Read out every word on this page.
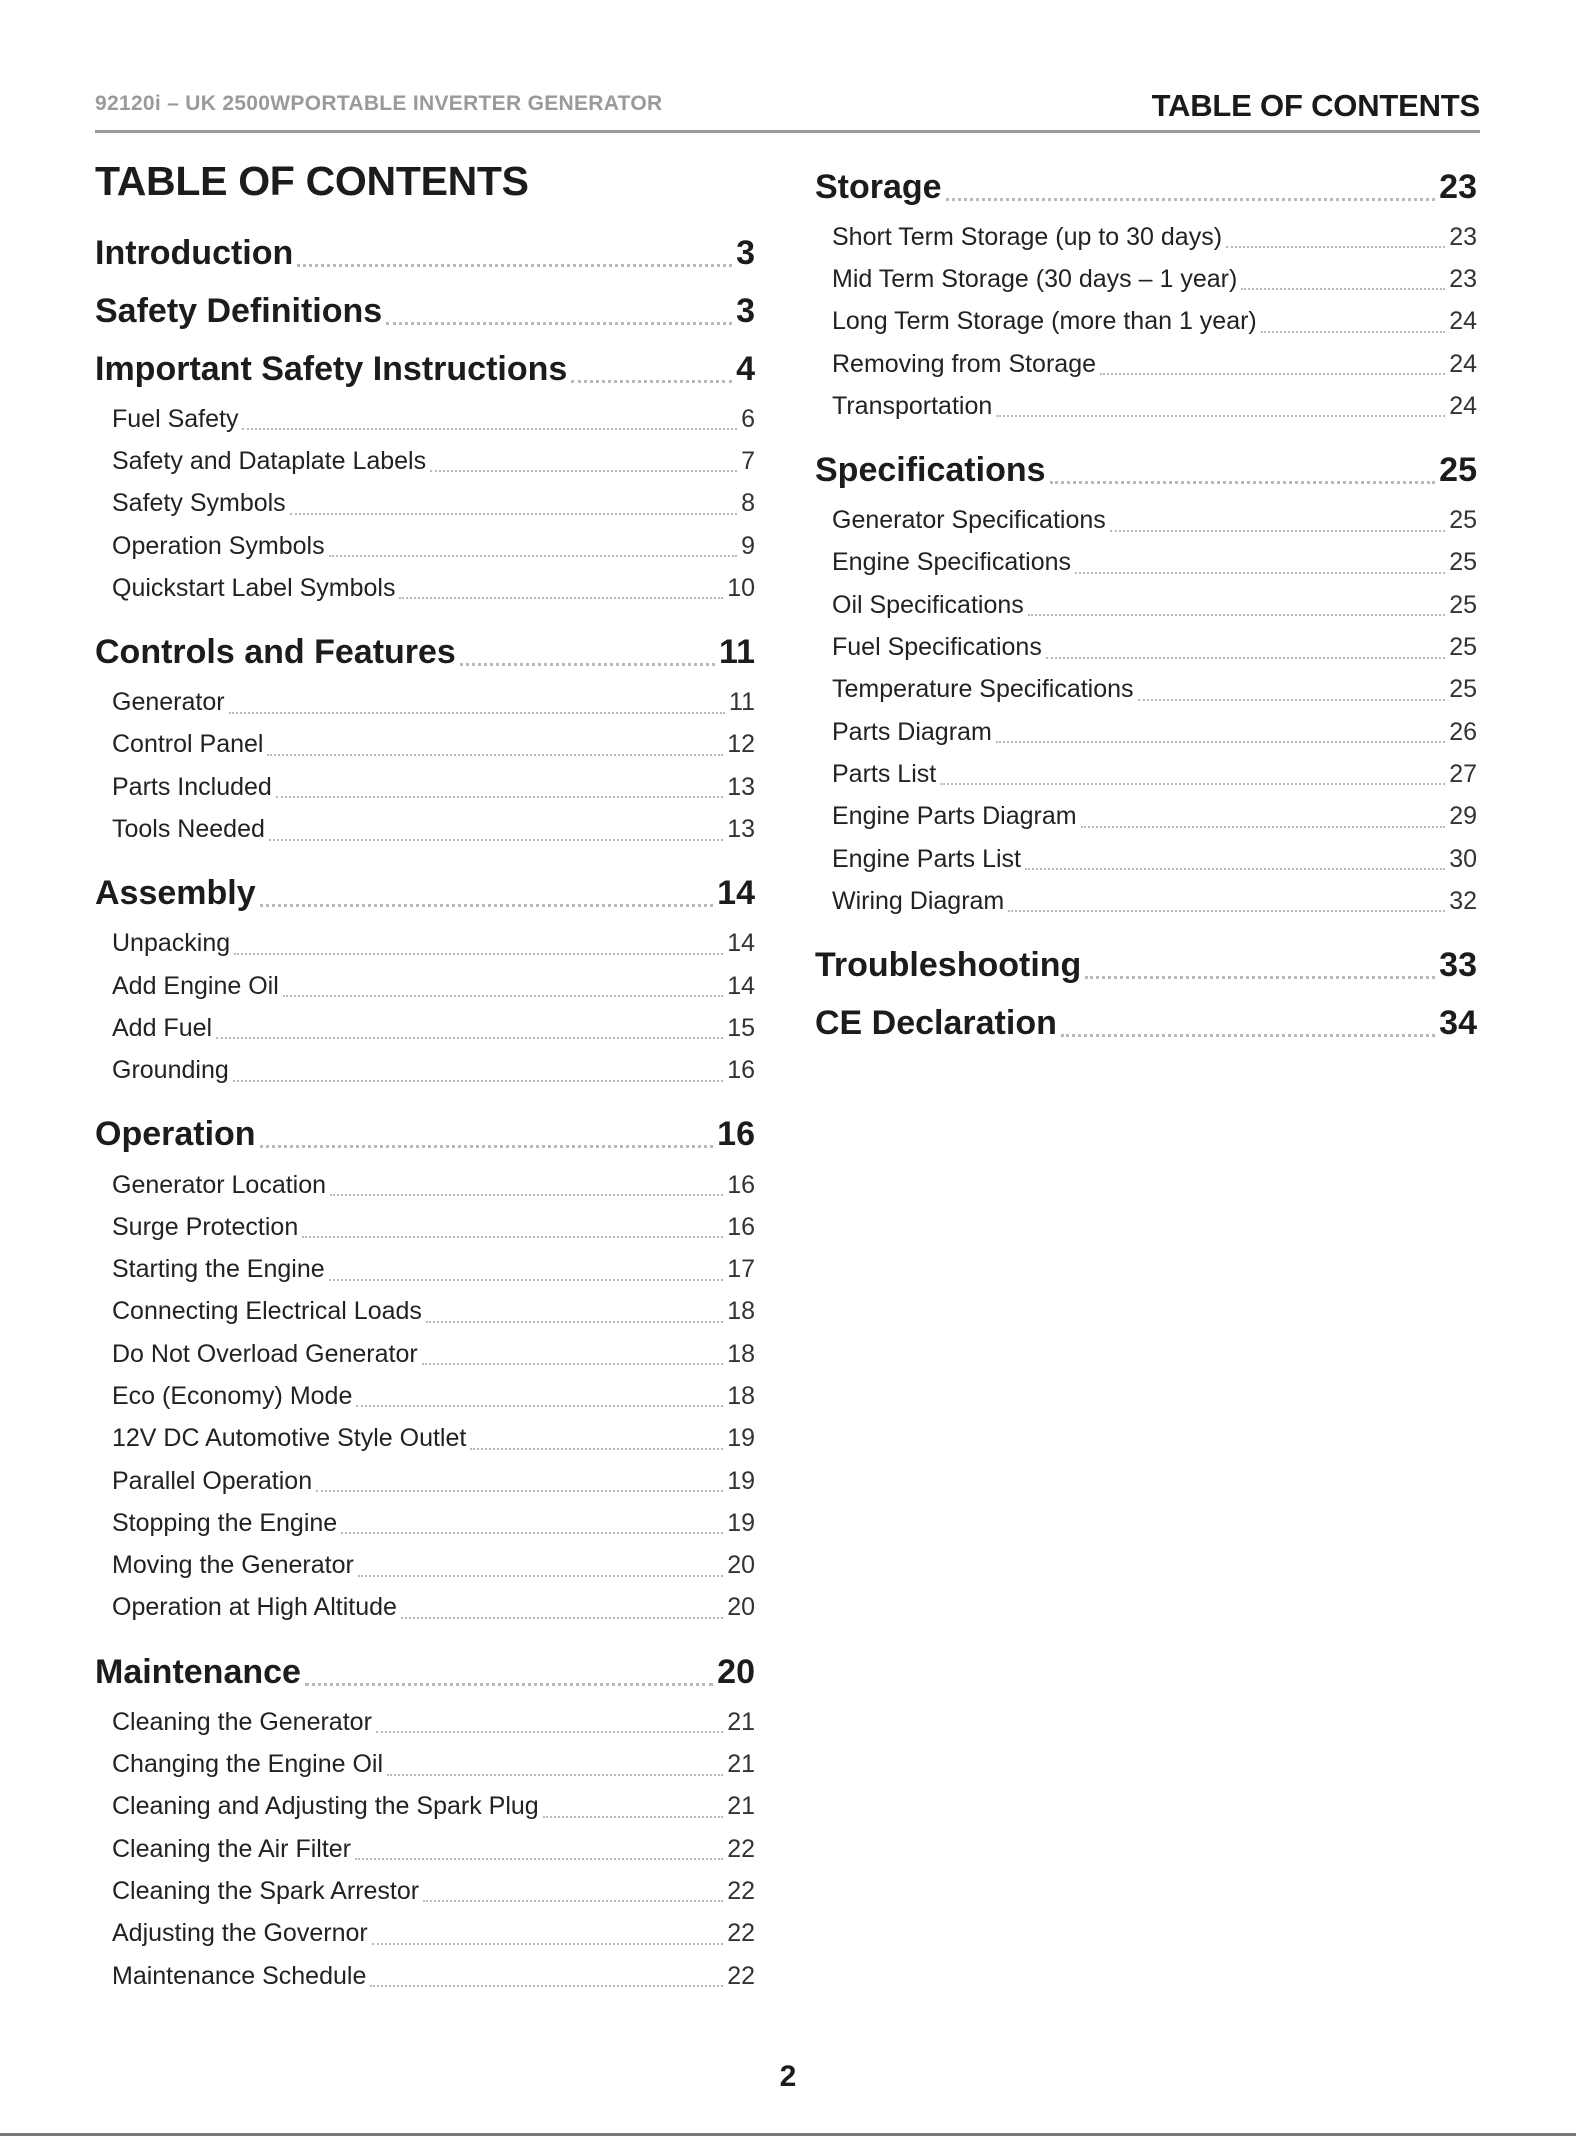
92120i – UK 2500WPORTABLE INVERTER GENERATOR	TABLE OF CONTENTS
TABLE OF CONTENTS
Introduction	3
Safety Definitions	3
Important Safety Instructions	4
Fuel Safety	6
Safety and Dataplate Labels	7
Safety Symbols	8
Operation Symbols	9
Quickstart Label Symbols	10
Controls and Features	11
Generator	11
Control Panel	12
Parts Included	13
Tools Needed	13
Assembly	14
Unpacking	14
Add Engine Oil	14
Add Fuel	15
Grounding	16
Operation	16
Generator Location	16
Surge Protection	16
Starting the Engine	17
Connecting Electrical Loads	18
Do Not Overload Generator	18
Eco (Economy) Mode	18
12V DC Automotive Style Outlet	19
Parallel Operation	19
Stopping the Engine	19
Moving the Generator	20
Operation at High Altitude	20
Maintenance	20
Cleaning the Generator	21
Changing the Engine Oil	21
Cleaning and Adjusting the Spark Plug	21
Cleaning the Air Filter	22
Cleaning the Spark Arrestor	22
Adjusting the Governor	22
Maintenance Schedule	22
Storage	23
Short Term Storage (up to 30 days)	23
Mid Term Storage (30 days – 1 year)	23
Long Term Storage (more than 1 year)	24
Removing from Storage	24
Transportation	24
Specifications	25
Generator Specifications	25
Engine Specifications	25
Oil Specifications	25
Fuel Specifications	25
Temperature Specifications	25
Parts Diagram	26
Parts List	27
Engine Parts Diagram	29
Engine Parts List	30
Wiring Diagram	32
Troubleshooting	33
CE Declaration	34
2
